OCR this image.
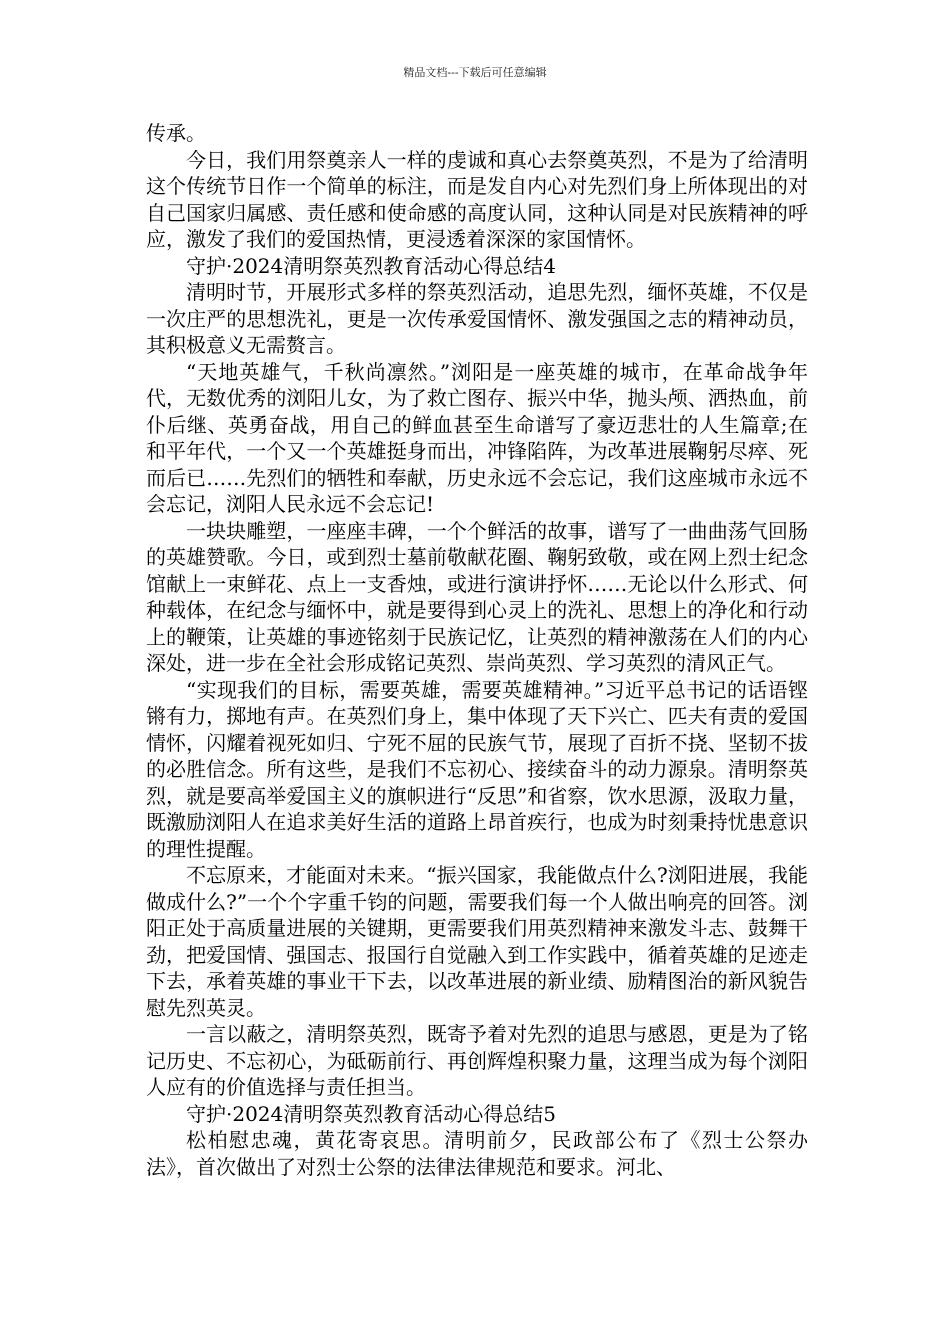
精品文档---下载后可任意编辑

传承。

今日，我们用祭奠亲人一样的虔诚和真心去祭奠英烈，不是为了给清明这个传统节日作一个简单的标注，而是发自内心对先烈们身上所体现出的对自己国家归属感、责任感和使命感的高度认同，这种认同是对民族精神的呼应，激发了我们的爱国热情，更浸透着深深的家国情怀。

守护·2024清明祭英烈教育活动心得总结4

清明时节，开展形式多样的祭英烈活动，追思先烈，缅怀英雄，不仅是一次庄严的思想洗礼，更是一次传承爱国情怀、激发强国之志的精神动员，其积极意义无需赘言。

“天地英雄气，千秋尚凛然。”浏阳是一座英雄的城市，在革命战争年代，无数优秀的浏阳儿女，为了救亡图存、振兴中华，抛头颅、洒热血，前仆后继、英勇奋战，用自己的鲜血甚至生命谱写了豪迈悲壮的人生篇章;在和平年代，一个又一个英雄挺身而出，冲锋陷阵，为改革进展鞠躬尽瘁、死而后已……先烈们的牺牲和奉献，历史永远不会忘记，我们这座城市永远不会忘记，浏阳人民永远不会忘记!

一块块雕塑，一座座丰碑，一个个鲜活的故事，谱写了一曲曲荡气回肠的英雄赞歌。今日，或到烈士墓前敬献花圈、鞠躬致敬，或在网上烈士纪念馆献上一束鲜花、点上一支香烛，或进行演讲抒怀……无论以什么形式、何种载体，在纪念与缅怀中，就是要得到心灵上的洗礼、思想上的净化和行动上的鞭策，让英雄的事迹铭刻于民族记忆，让英烈的精神激荡在人们的内心深处，进一步在全社会形成铭记英烈、崇尚英烈、学习英烈的清风正气。

“实现我们的目标，需要英雄，需要英雄精神。”习近平总书记的话语铿锵有力，掷地有声。在英烈们身上，集中体现了天下兴亡、匹夫有责的爱国情怀，闪耀着视死如归、宁死不屈的民族气节，展现了百折不挠、坚韧不拔的必胜信念。所有这些，是我们不忘初心、接续奋斗的动力源泉。清明祭英烈，就是要高举爱国主义的旗帜进行“反思”和省察，饮水思源，汲取力量，既激励浏阳人在追求美好生活的道路上昂首疾行，也成为时刻秉持忧患意识的理性提醒。

不忘原来，才能面对未来。“振兴国家，我能做点什么?浏阳进展，我能做成什么?”一个个字重千钧的问题，需要我们每一个人做出响亮的回答。浏阳正处于高质量进展的关键期，更需要我们用英烈精神来激发斗志、鼓舞干劲，把爱国情、强国志、报国行自觉融入到工作实践中，循着英雄的足迹走下去，承着英雄的事业干下去，以改革进展的新业绩、励精图治的新风貌告慰先烈英灵。

一言以蔽之，清明祭英烈，既寄予着对先烈的追思与感恩，更是为了铭记历史、不忘初心，为砥砺前行、再创辉煌积聚力量，这理当成为每个浏阳人应有的价值选择与责任担当。

守护·2024清明祭英烈教育活动心得总结5

松柏慰忠魂，黄花寄哀思。清明前夕，民政部公布了《烈士公祭办法》，首次做出了对烈士公祭的法律法律规范和要求。河北、
